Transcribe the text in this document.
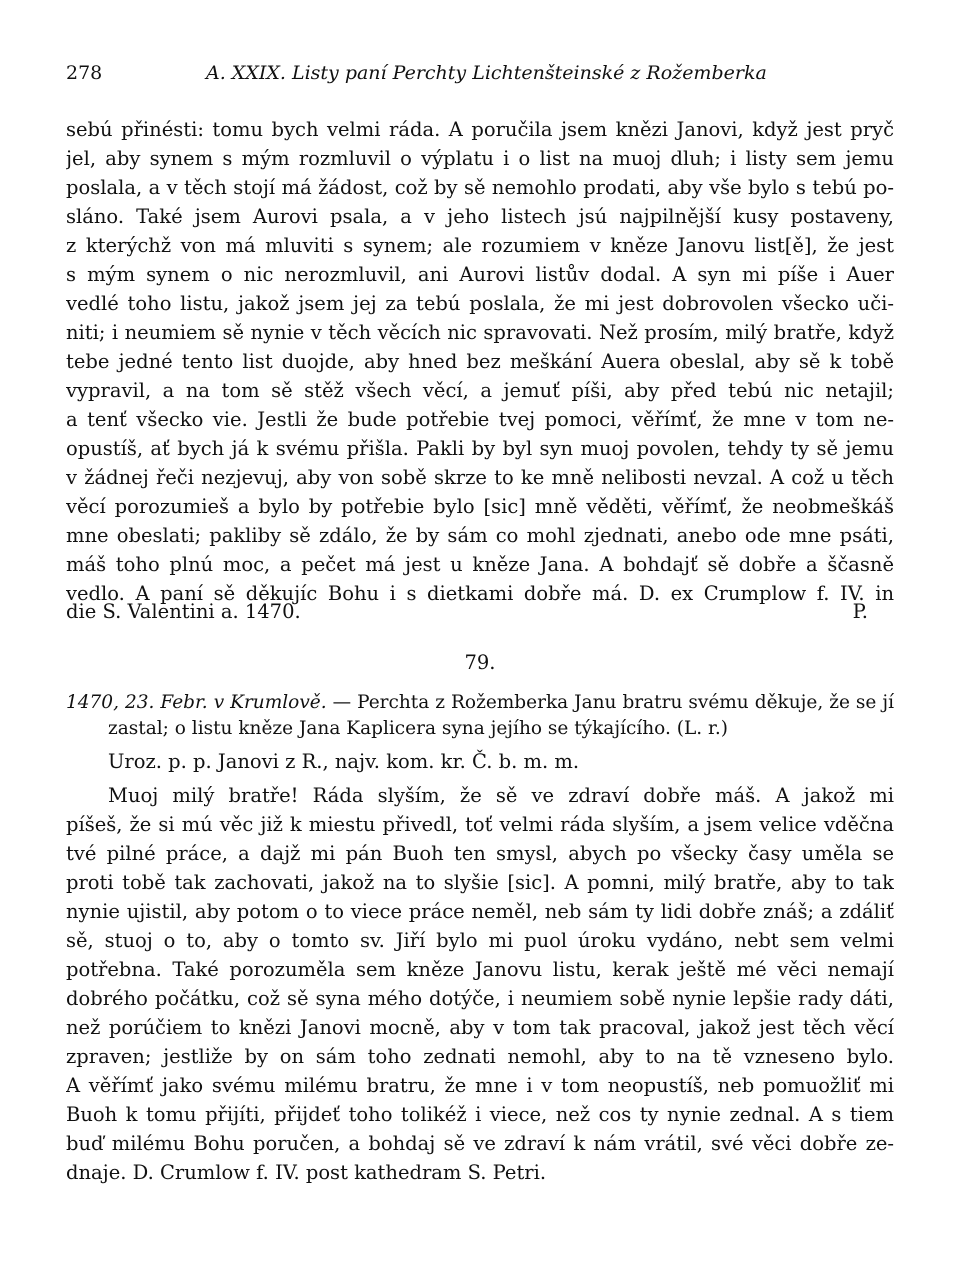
278	A. XXIX. Listy paní Perchty Lichtenšteinské z Rožemberka
sebú přinésti: tomu bych velmi ráda. A poručila jsem knězi Janovi, když jest pryč
jel, aby synem s mým rozmluvil o výplatu i o list na muoj dluh; i listy sem jemu
poslala, a v těch stojí má žádost, což by sě nemohlo prodati, aby vše bylo s tebú po-
sláno. Také jsem Aurovi psala, a v jeho listech jsú najpilnější kusy postaveny,
z kterýchž von má mluviti s synem; ale rozumiem v kněze Janovu list[ě], že jest
s mým synem o nic nerozmluvil, ani Aurovi listův dodal. A syn mi píše i Auer
vedlé toho listu, jakož jsem jej za tebú poslala, že mi jest dobrovolen všecko uči-
niti; i neumiem sě nynie v těch věcích nic spravovati. Než prosím, milý bratře, když
tebe jedné tento list duojde, aby hned bez meškání Auera obeslal, aby sě k tobě
vypravil, a na tom sě stěž všech věcí, a jemuť píši, aby před tebú nic netajil;
a tenť všecko vie. Jestli že bude potřebie tvej pomoci, věřímť, že mne v tom ne-
opustíš, ať bych já k svému přišla. Pakli by byl syn muoj povolen, tehdy ty sě jemu
v žádnej řeči nezjevuj, aby von sobě skrze to ke mně nelibosti nevzal. A což u těch
věcí porozumieš a bylo by potřebie bylo [sic] mně věděti, věřímť, že neobmeškáš
mne obeslati; pakliby sě zdálo, že by sám co mohl zjednati, anebo ode mne psáti,
máš toho plnú moc, a pečet má jest u kněze Jana. A bohdajť sě dobře a ščasně
vedlo. A paní sě děkujíc Bohu i s dietkami dobře má. D. ex Crumplow f. IV. in
die S. Valentini a. 1470.	P.
79.
1470, 23. Febr. v Krumlově. — Perchta z Rožemberka Janu bratru svému děkuje, že se jí
zastal; o listu kněze Jana Kaplicera syna jejího se týkajícího. (L. r.)
Uroz. p. p. Janovi z R., najv. kom. kr. Č. b. m. m.
Muoj milý bratře! Ráda slyším, že sě ve zdraví dobře máš. A jakož mi
píšeš, že si mú věc již k miestu přivedl, toť velmi ráda slyším, a jsem velice vděčna
tvé pilné práce, a dajž mi pán Buoh ten smysl, abych po všecky časy uměla se
proti tobě tak zachovati, jakož na to slyšie [sic]. A pomni, milý bratře, aby to tak
nynie ujistil, aby potom o to viece práce neměl, neb sám ty lidi dobře znáš; a zdáliť
sě, stuoj o to, aby o tomto sv. Jiří bylo mi puol úroku vydáno, nebt sem velmi
potřebna. Také porozuměla sem kněze Janovu listu, kerak ještě mé věci nemají
dobrého počátku, což sě syna mého dotýče, i neumiem sobě nynie lepšie rady dáti,
než porúčiem to knězi Janovi mocně, aby v tom tak pracoval, jakož jest těch věcí
zpraven; jestliže by on sám toho zednati nemohl, aby to na tě vzneseno bylo.
A věřímť jako svému milému bratru, že mne i v tom neopustíš, neb pomuožliť mi
Buoh k tomu přijíti, přijdeť toho tolikéž i viece, než cos ty nynie zednal. A s tiem
buď milému Bohu poručen, a bohdaj sě ve zdraví k nám vrátil, své věci dobře ze-
dnaje. D. Crumlow f. IV. post kathedram S. Petri.
